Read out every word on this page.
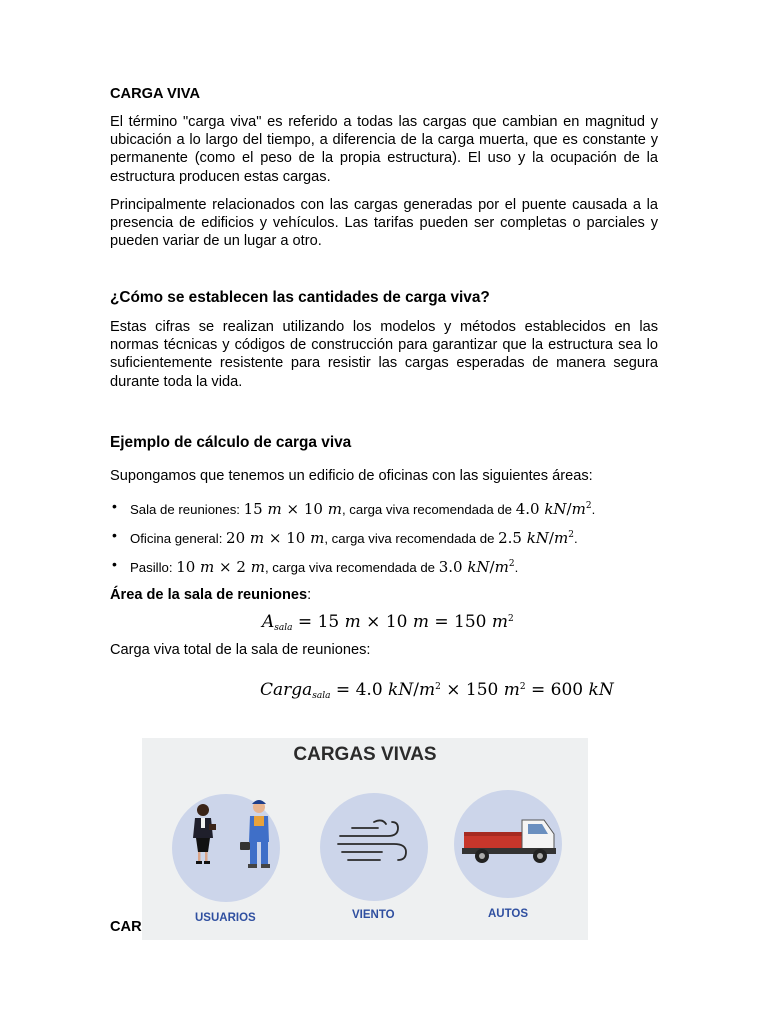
CARGA VIVA
El término "carga viva" es referido a todas las cargas que cambian en magnitud y ubicación a lo largo del tiempo, a diferencia de la carga muerta, que es constante y permanente (como el peso de la propia estructura). El uso y la ocupación de la estructura producen estas cargas.
Principalmente relacionados con las cargas generadas por el puente causada a la presencia de edificios y vehículos. Las tarifas pueden ser completas o parciales y pueden variar de un lugar a otro.
¿Cómo se establecen las cantidades de carga viva?
Estas cifras se realizan utilizando los modelos y métodos establecidos en las normas técnicas y códigos de construcción para garantizar que la estructura sea lo suficientemente resistente para resistir las cargas esperadas de manera segura durante toda la vida.
Ejemplo de cálculo de carga viva
Supongamos que tenemos un edificio de oficinas con las siguientes áreas:
• Sala de reuniones: 15 m × 10 m, carga viva recomendada de 4.0 $kN/m^2$.
• Oficina general: 20 m × 10 m, carga viva recomendada de 2.5 $kN/m^2$.
• Pasillo: 10 m × 2 m, carga viva recomendada de 3.0 $kN/m^2$.
Área de la sala de reuniones:
$A_{sala} = 15$ m × 10 m = 150 $m^2$
Carga viva total de la sala de reuniones:
Carga$_{sala}$ = 4.0 $kN/m^2 \times 150$ $m^2 = 600$ kN
CAR
CARGAS VIVAS
USUARIOS	VIENTO	AUTOS
